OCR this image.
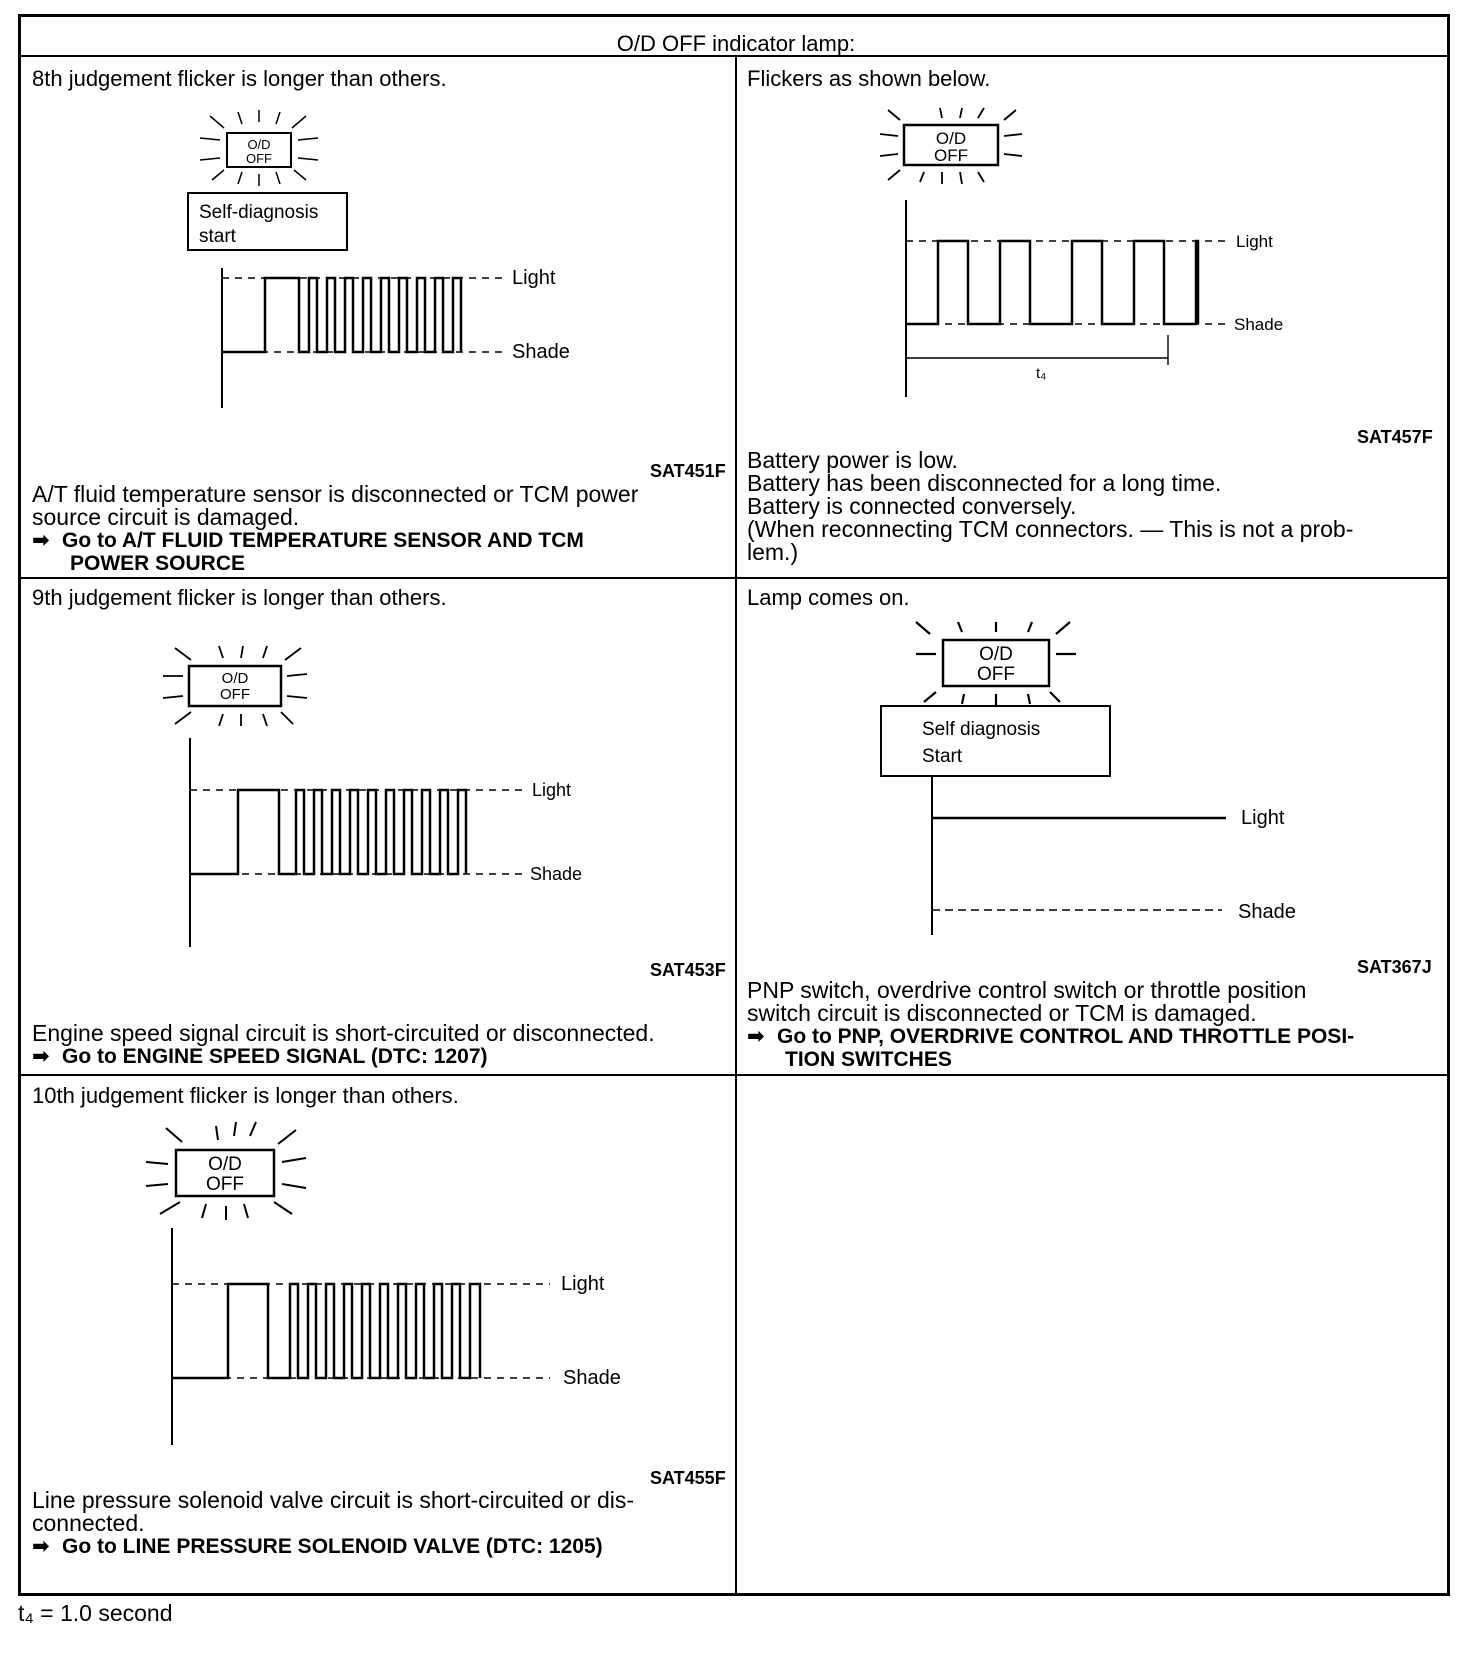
O/D OFF indicator lamp:
8th judgement flicker is longer than others.
O/D
OFF
Self-diagnosis
start
Light
Shade
SAT451F
A/T fluid temperature sensor is disconnected or TCM power
source circuit is damaged.
➡ Go to A/T FLUID TEMPERATURE SENSOR AND TCM
POWER SOURCE
Flickers as shown below.
O/D
OFF
Light
Shade
t₄
SAT457F
Battery power is low.
Battery has been disconnected for a long time.
Battery is connected conversely.
(When reconnecting TCM connectors. — This is not a prob-
lem.)
9th judgement flicker is longer than others.
O/D
OFF
Light
Shade
SAT453F
Engine speed signal circuit is short-circuited or disconnected.
➡ Go to ENGINE SPEED SIGNAL (DTC: 1207)
Lamp comes on.
O/D
OFF
Self diagnosis
Start
Light
Shade
SAT367J
PNP switch, overdrive control switch or throttle position
switch circuit is disconnected or TCM is damaged.
➡ Go to PNP, OVERDRIVE CONTROL AND THROTTLE POSI-
TION SWITCHES
10th judgement flicker is longer than others.
O/D
OFF
Light
Shade
SAT455F
Line pressure solenoid valve circuit is short-circuited or dis-
connected.
➡ Go to LINE PRESSURE SOLENOID VALVE (DTC: 1205)
t₄ = 1.0 second
